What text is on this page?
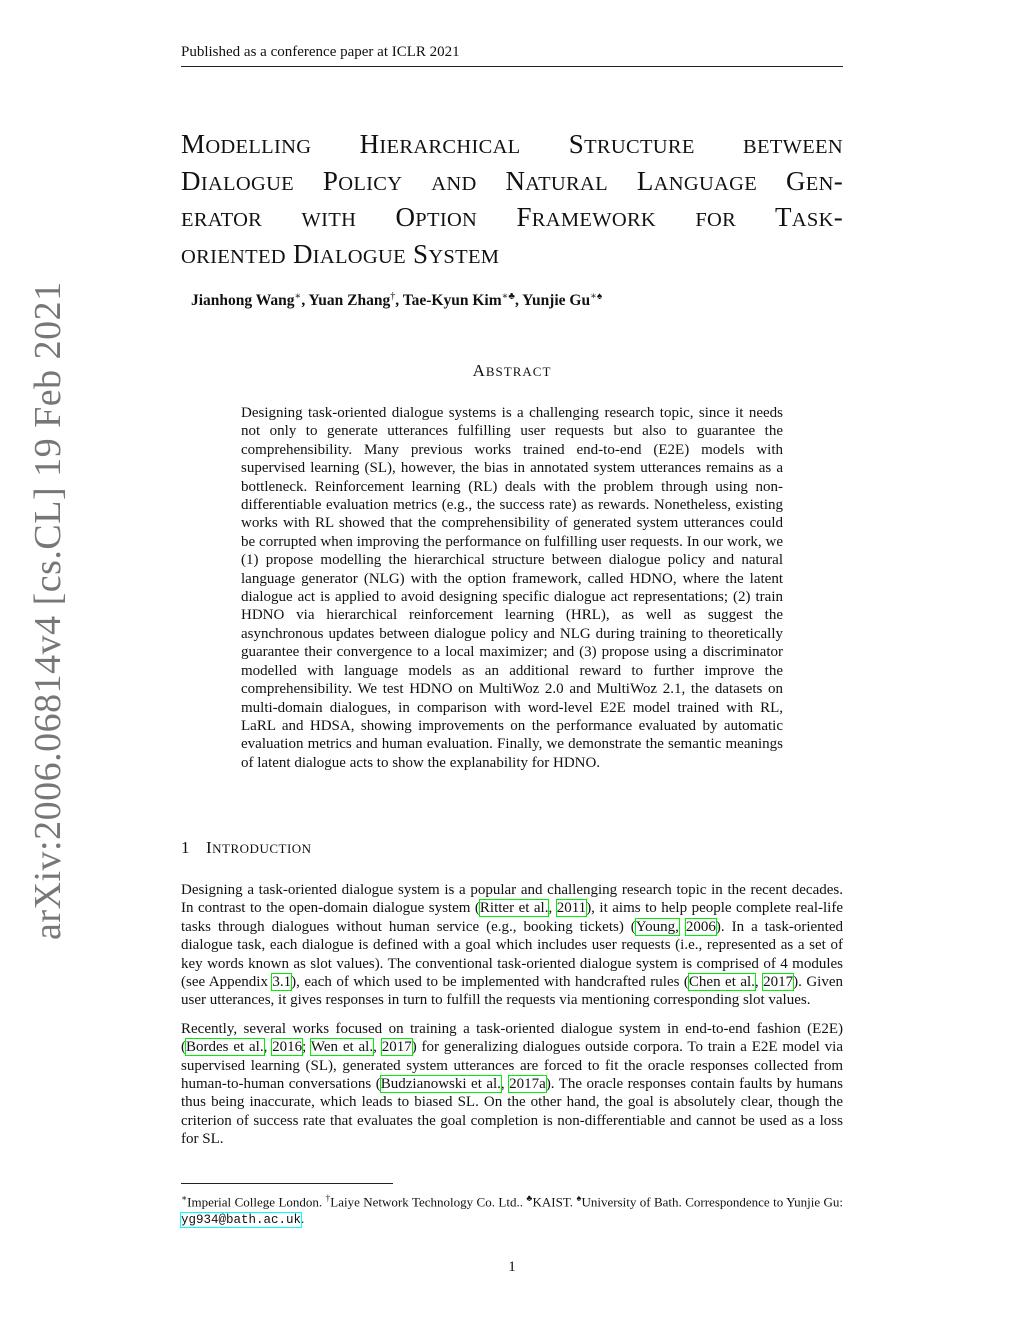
Published as a conference paper at ICLR 2021
arXiv:2006.06814v4 [cs.CL] 19 Feb 2021
MODELLING HIERARCHICAL STRUCTURE BETWEEN
DIALOGUE POLICY AND NATURAL LANGUAGE GEN-
ERATOR WITH OPTION FRAMEWORK FOR TASK-
ORIENTED DIALOGUE SYSTEM
Jianhong Wang∗, Yuan Zhang†, Tae-Kyun Kim∗♣, Yunjie Gu∗♠
ABSTRACT
Designing task-oriented dialogue systems is a challenging research topic, since it needs not only to generate utterances fulfilling user requests but also to guarantee the comprehensibility. Many previous works trained end-to-end (E2E) models with supervised learning (SL), however, the bias in annotated system utterances remains as a bottleneck. Reinforcement learning (RL) deals with the problem through using non-differentiable evaluation metrics (e.g., the success rate) as rewards. Nonetheless, existing works with RL showed that the comprehensibility of generated system utterances could be corrupted when improving the performance on fulfilling user requests. In our work, we (1) propose modelling the hierarchical structure between dialogue policy and natural language generator (NLG) with the option framework, called HDNO, where the latent dialogue act is applied to avoid designing specific dialogue act representations; (2) train HDNO via hierarchical reinforcement learning (HRL), as well as suggest the asynchronous updates between dialogue policy and NLG during training to theoretically guarantee their convergence to a local maximizer; and (3) propose using a discriminator modelled with language models as an additional reward to further improve the comprehensibility. We test HDNO on MultiWoz 2.0 and MultiWoz 2.1, the datasets on multi-domain dialogues, in comparison with word-level E2E model trained with RL, LaRL and HDSA, showing improvements on the performance evaluated by automatic evaluation metrics and human evaluation. Finally, we demonstrate the semantic meanings of latent dialogue acts to show the explanability for HDNO.
1 INTRODUCTION

Designing a task-oriented dialogue system is a popular and challenging research topic in the recent decades. In contrast to the open-domain dialogue system (Ritter et al., 2011), it aims to help people complete real-life tasks through dialogues without human service (e.g., booking tickets) (Young, 2006). In a task-oriented dialogue task, each dialogue is defined with a goal which includes user requests (i.e., represented as a set of key words known as slot values). The conventional task-oriented dialogue system is comprised of 4 modules (see Appendix 3.1), each of which used to be implemented with handcrafted rules (Chen et al., 2017). Given user utterances, it gives responses in turn to fulfill the requests via mentioning corresponding slot values.

Recently, several works focused on training a task-oriented dialogue system in end-to-end fashion (E2E) (Bordes et al., 2016; Wen et al., 2017) for generalizing dialogues outside corpora. To train a E2E model via supervised learning (SL), generated system utterances are forced to fit the oracle responses collected from human-to-human conversations (Budzianowski et al., 2017a). The oracle responses contain faults by humans thus being inaccurate, which leads to biased SL. On the other hand, the goal is absolutely clear, though the criterion of success rate that evaluates the goal completion is non-differentiable and cannot be used as a loss for SL.

∗Imperial College London. †Laiye Network Technology Co. Ltd.. ♣KAIST. ♠University of Bath. Correspondence to Yunjie Gu: yg934@bath.ac.uk.
1
